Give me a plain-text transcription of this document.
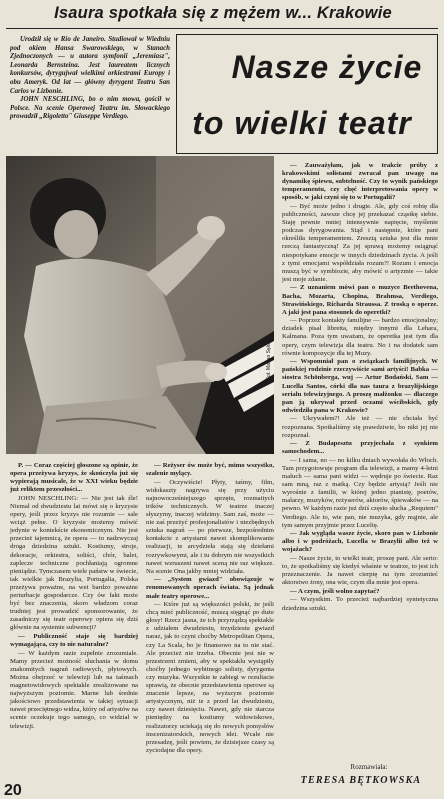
Isaura spotkała się z mężem w... Krakowie

Urodził się w Rio de Janeiro. Studiował w Wiedniu pod okiem Hansa Swarowskiego, w Stanach Zjednoczonych — u autora symfonii „Jeremiasz", Leonarda Bernsteina. Jest laureatem licznych konkursów, dyrygujwał wielkimi orkiestrami Europy i obu Ameryk. Od lat — główny dyrygent Teatru San Carlos w Lizbonie.

JOHN NESCHLING, bo o nim mowa, gościł w Polsce. Na scenie Operowej Teatru im. Słowackiego prowadził „Rigoletto" Giuseppe Verdiego.

Nasze życie
to wielki teatr
Fot. Marian Sęka

P. — Coraz częściej głoszone są opinie, że opera przeżywa kryzys, że skończyła już się wypierają musicale, że w XXI wieku będzie już reliktem przeszłości...

JOHN NESCHLING: — Nie jest tak źle! Niemal od dwudziestu lat mówi się o kryzysie opery, jeśli przez kryzys nie rozumie — sale wciąż pełne. O kryzysie możemy mówić jedynie w kontekście ekonomicznym. Nie jest przecież tajemnicą, że opera — to nadzwyczaj droga dziedzina sztuki. Kostiumy, stroje, dekoracje, orkiestra, soliści, chór, balet, zaplecze techniczne pochłaniają ogromne pieniądze. Tymczasem wiele państw w świecie, tak wielkie jak Brazylia, Portugalia, Polska przeżywa poważne, na wet bardzo poważne perturbacje gospodarcze. Czy ów fakt może być bez znaczenia, skoro władzom coraz trudniej jest prowadzić sponsorowanie, że zasadniczy się teatr operowy opiera się dziś głównie na systemie subwencji?

— Publiczność staje się bardziej wymagająca, czy to nie naturalne?

— W każdym razie zupełnie zrozumiałe. Mamy przecież możność słuchania w domu znakomitych nagrań radiowych, płytowych. Można obejrzeć w telewizji lub na taśmach magnetowidowych spektakle zrealizowane na najwyższym poziomie. Marne lub średnie jakościowo przedstawienia w takiej sytuacji nawet przeciętnego widza, który od artystów na scenie oczekuje tego samego, co widział w telewizji.

— Reżyser ów może być, mimo wszystko, szalenie mylący.

— Oczywiście! Płyty, taśmy, film, widokaszty nagrywa się przy użyciu najnowocześniejszego sprzętu, rozmaitych trików technicznych. W teatrze inaczej słyszymy, inaczej widzimy. Sam zaś, może — nie zaś przeżyć profesjonalistów i niezbędnych sztuka nagrań — po pierwsze, bezpośrednim kontakcie z artystami nawet skomplikowanie realizacji, te arcydzieła stają się dziełami rozrywkowymi, ale i tu dobrym nie wszystkich nawet wzruszeni nawet sceną nie raz większe. Na scenie Ona jakby mniej widziała.

— „System gwiazd" obowiązuje w renomowanych operach świata. Są jednak małe teatry operowe...

— Które już są większości polski, że jeśli chcą mieć publiczność, muszą sięgnąć po duże głosy! Rzecz jasna, że ich przyrządzą spektakle z udziałem dwudziestu, trzydziestu gwiazd naraz, jak to czyni choćby Metropolitan Opera, czy La Scala, bo je finansowo na to nie stać. Ale przecież nie trzeba. Obecnie jest nie w przestrzeni zmieni, aby w spektaklu wystąpiły choćby jednego wybitnego solisty, dyrygenta czy muzyka. Wszystkie te zabiegi w rezultacie sprawią, że obecnie przedstawienia operowe są znacznie lepsze, na wyższym poziomie artystycznym, niż te z przed lat dwudziestu, czy nawet dziesięciu. Nawet, gdy nie starcza pieniędzy na kostiumy widowiskowe, realizatorzy uciekają się do nowych pomysłów inscenizatorskich, nowych idei. Wcale nie przesadzę, jeśli powiem, że dzisiejsze czasy są zyciodajne dla opery.

— Zauważyłam, jak w trakcie próby z krakowskimi solistami zwracał pan uwagę na dynamikę śpiewu, subtelność. Czy to wynik pańskiego temperamentu, czy chęć interpretowania opery w sposób, w jaki czyni się to w Portugalii?

— Być może jedno i drugie. Ale, gdy coś robię dla publiczności, zawsze chcę jej przekazać cząstkę siebie. Staję pewnie mniej intensywnie napięcie, myślenie podczas dyrygowania. Stąd i następnie, które pani określiła temperamentem. Zresztą sztuka jest dla mnie rzeczą fantastyczną! Za jej sprawą możemy osiągnąć niespotykane emocje w innych dziedzinach życia. A jeśli z tymi emocjami współdziała rozum?! Rozum i emocja muszą być w symbiozie, aby mówić o artyzmie — takie jest moje zdanie.

— Z uznaniem mówi pan o muzyce Beethovena, Bacha, Mozarta, Chopina, Brahmsa, Verdiego, Strawińskiego, Richarda Straussa. Z troską o operze. A jaki jest pana stosunek do operetki?

— Poprzez kontakty familijne — bardzo emocjonalny; dziadek pisał libretta, między innymi dla Lehara, Kalmana. Poza tym uważam, że operetka jest tym dla opery, czym telewizja dla teatru. No i na dodatek sam równie kompozycje dla tej Muzy.

— Wspomniał pan o związkach familijnych. W pańskiej rodzinie rzeczywiście sami artyści! Babka — siostra Schönberga, wuj — Artur Bodański, Sam — Lucella Santos, córki dla nas taura z brazylijskiego serialu telewizyjnego. A proszę małżonku — dlaczego pan ją ukrywał przed oczami wścibskich, gdy odwiedziła pana w Krakowie?

— Ukrywałem?! Ale też — nie chciała być rozpoznana. Spotkaliśmy się prawdziwie, bo nikt jej nie rozpoznał.

— Z Budapesztu przyjechała z synkiem samochodem...

— I sama, no — no kilku dniach wywołała do Włoch. Tam przygotowuje program dla telewizji, a mamy 4-letni maluch — sama pani widzi — wędruje po świecie. Raz sam mną, raz z matką. Czy będzie artystą? Jeśli nie wyrośnie z familii, w której jedno pianistę, poetów, malarzy, muzyków, reżyserów, aktorów, śpiewaków — na pewno. W każdym razie już dziś często słucha „Requiem" Verdiego. Ale to, wie pan, nie muzyka, gdy mąjnie, ale tym samym przyjmie przez Lucelię.

— Jak wygląda wasze życie, skoro pan w Lizbonie albo i w podróżach, Lucella w Brazylii albo też w wojażach?

— Nasze życie, to wielki teatr, proszę pani. Ale serio: to, że spotkaliśmy się kiedyś właśnie w teatrze, to jest ich przeznaczenie. Ja nawet cierpię na tym zrozumieć aktorstwo żony, ona wie, czym dla mnie jest opera.

— A czym, jeśli wolno zapytać?

— Wszystkim. To przecież najbardziej syntetyczna dziedzina sztuki.

Rozmawiała:
TERESA BĘTKOWSKA
20
